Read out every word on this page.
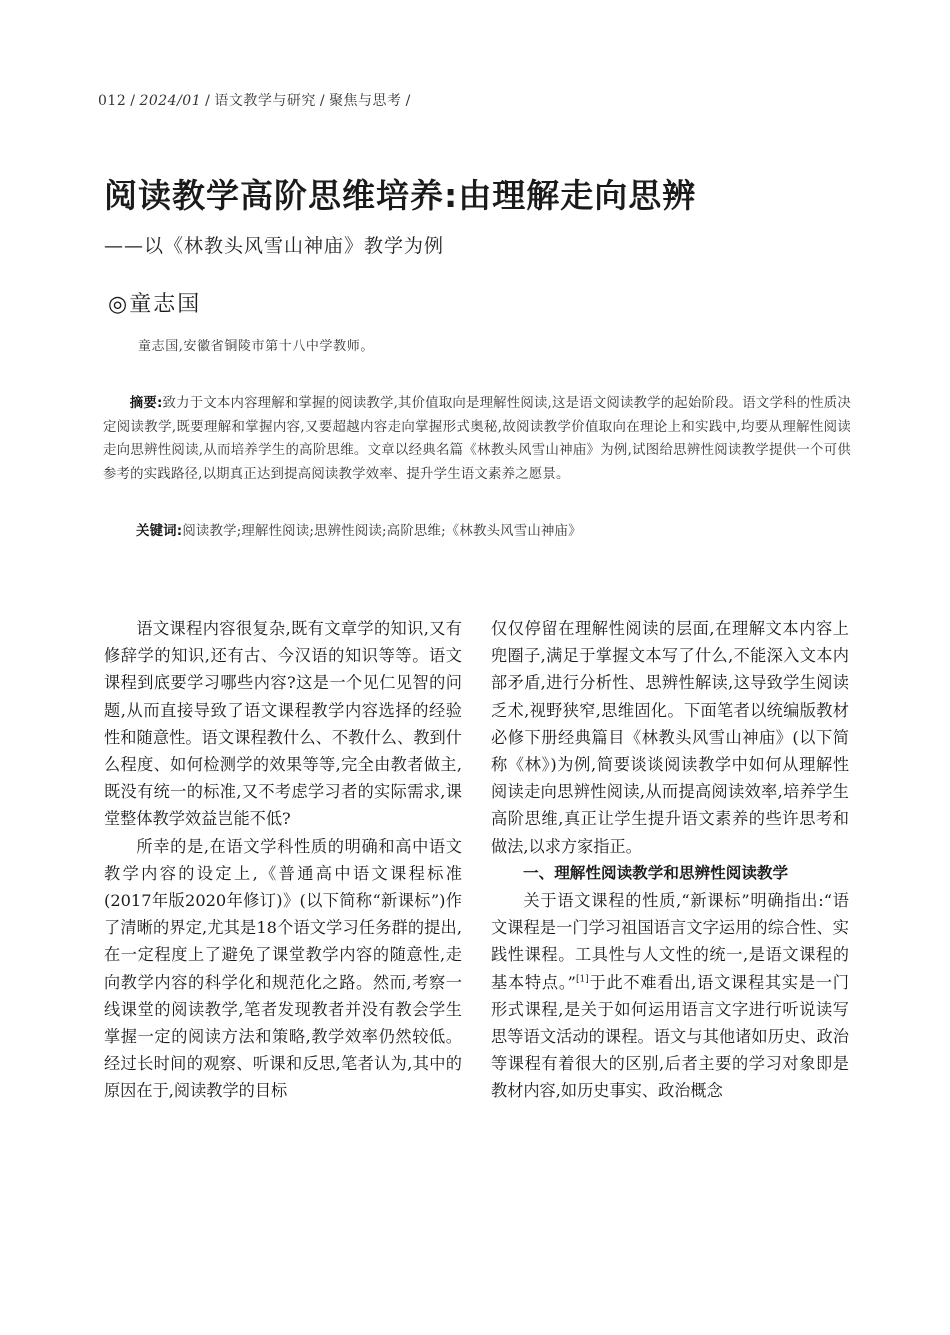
012 / 2024/01 / 语文教学与研究 / 聚焦与思考 /
阅读教学高阶思维培养:由理解走向思辨
——以《林教头风雪山神庙》教学为例
◎童志国
童志国,安徽省铜陵市第十八中学教师。

摘要:致力于文本内容理解和掌握的阅读教学,其价值取向是理解性阅读,这是语文阅读教学的起始阶段。语文学科的性质决定阅读教学,既要理解和掌握内容,又要超越内容走向掌握形式奥秘,故阅读教学价值取向在理论上和实践中,均要从理解性阅读走向思辨性阅读,从而培养学生的高阶思维。文章以经典名篇《林教头风雪山神庙》为例,试图给思辨性阅读教学提供一个可供参考的实践路径,以期真正达到提高阅读教学效率、提升学生语文素养之愿景。

关键词:阅读教学;理解性阅读;思辨性阅读;高阶思维;《林教头风雪山神庙》

语文课程内容很复杂,既有文章学的知识,又有修辞学的知识,还有古、今汉语的知识等等。语文课程到底要学习哪些内容?这是一个见仁见智的问题,从而直接导致了语文课程教学内容选择的经验性和随意性。语文课程教什么、不教什么、教到什么程度、如何检测学的效果等等,完全由教者做主,既没有统一的标准,又不考虑学习者的实际需求,课堂整体教学效益岂能不低?

所幸的是,在语文学科性质的明确和高中语文教学内容的设定上,《普通高中语文课程标准(2017年版2020年修订)》(以下简称“新课标”)作了清晰的界定,尤其是18个语文学习任务群的提出,在一定程度上了避免了课堂教学内容的随意性,走向教学内容的科学化和规范化之路。然而,考察一线课堂的阅读教学,笔者发现教者并没有教会学生掌握一定的阅读方法和策略,教学效率仍然较低。经过长时间的观察、听课和反思,笔者认为,其中的原因在于,阅读教学的目标

仅仅停留在理解性阅读的层面,在理解文本内容上兜圈子,满足于掌握文本写了什么,不能深入文本内部矛盾,进行分析性、思辨性解读,这导致学生阅读乏术,视野狭窄,思维固化。下面笔者以统编版教材必修下册经典篇目《林教头风雪山神庙》(以下简称《林》)为例,简要谈谈阅读教学中如何从理解性阅读走向思辨性阅读,从而提高阅读效率,培养学生高阶思维,真正让学生提升语文素养的些许思考和做法,以求方家指正。

一、理解性阅读教学和思辨性阅读教学

关于语文课程的性质,“新课标”明确指出:“语文课程是一门学习祖国语言文字运用的综合性、实践性课程。工具性与人文性的统一,是语文课程的基本特点。”[1]于此不难看出,语文课程其实是一门形式课程,是关于如何运用语言文字进行听说读写思等语文活动的课程。语文与其他诸如历史、政治等课程有着很大的区别,后者主要的学习对象即是教材内容,如历史事实、政治概念
